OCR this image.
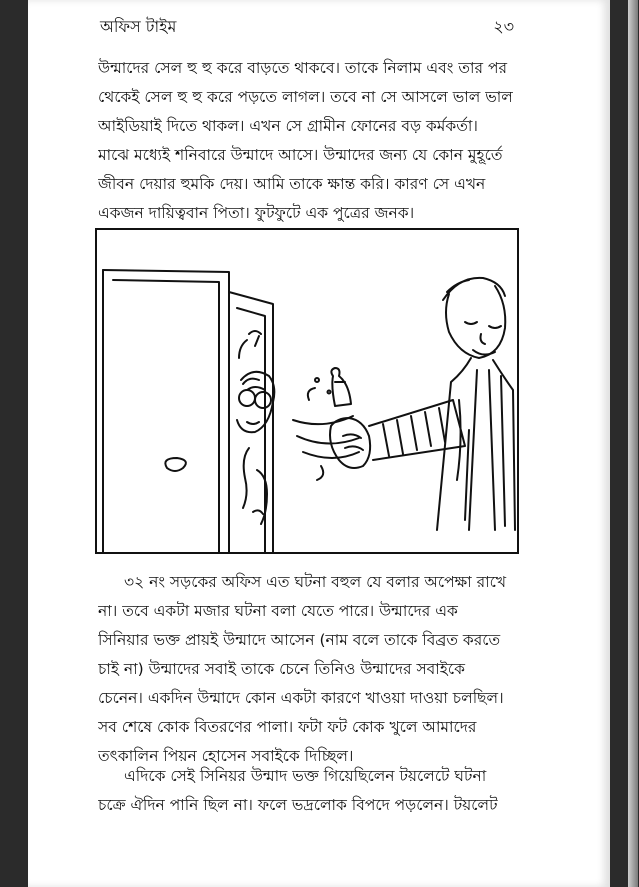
অফিস টাইম	২৩
উন্মাদের সেল হু হু করে বাড়তে থাকবে। তাকে নিলাম এবং তার পর
থেকেই সেল হু হু করে পড়তে লাগল। তবে না সে আসলে ভাল ভাল
আইডিয়াই দিতে থাকল। এখন সে গ্রামীন ফোনের বড় কর্মকর্তা।
মাঝে মধ্যেই শনিবারে উন্মাদে আসে। উন্মাদের জন্য যে কোন মুহূর্তে
জীবন দেয়ার হুমকি দেয়। আমি তাকে ক্ষান্ত করি। কারণ সে এখন
একজন দায়িত্ববান পিতা। ফুটফুটে এক পুত্রের জনক।
৩২ নং সড়কের অফিস এত ঘটনা বহুল যে বলার অপেক্ষা রাখে
না। তবে একটা মজার ঘটনা বলা যেতে পারে। উন্মাদের এক
সিনিয়ার ভক্ত প্রায়ই উন্মাদে আসেন (নাম বলে তাকে বিব্রত করতে
চাই না) উন্মাদের সবাই তাকে চেনে তিনিও উন্মাদের সবাইকে
চেনেন। একদিন উন্মাদে কোন একটা কারণে খাওয়া দাওয়া চলছিল।
সব শেষে কোক বিতরণের পালা। ফটা ফট কোক খুলে আমাদের
তৎকালিন পিয়ন হোসেন সবাইকে দিচ্ছিল।
এদিকে সেই সিনিয়র উন্মাদ ভক্ত গিয়েছিলেন টয়লেটে ঘটনা
চক্রে ঐদিন পানি ছিল না। ফলে ভদ্রলোক বিপদে পড়লেন। টয়লেট
